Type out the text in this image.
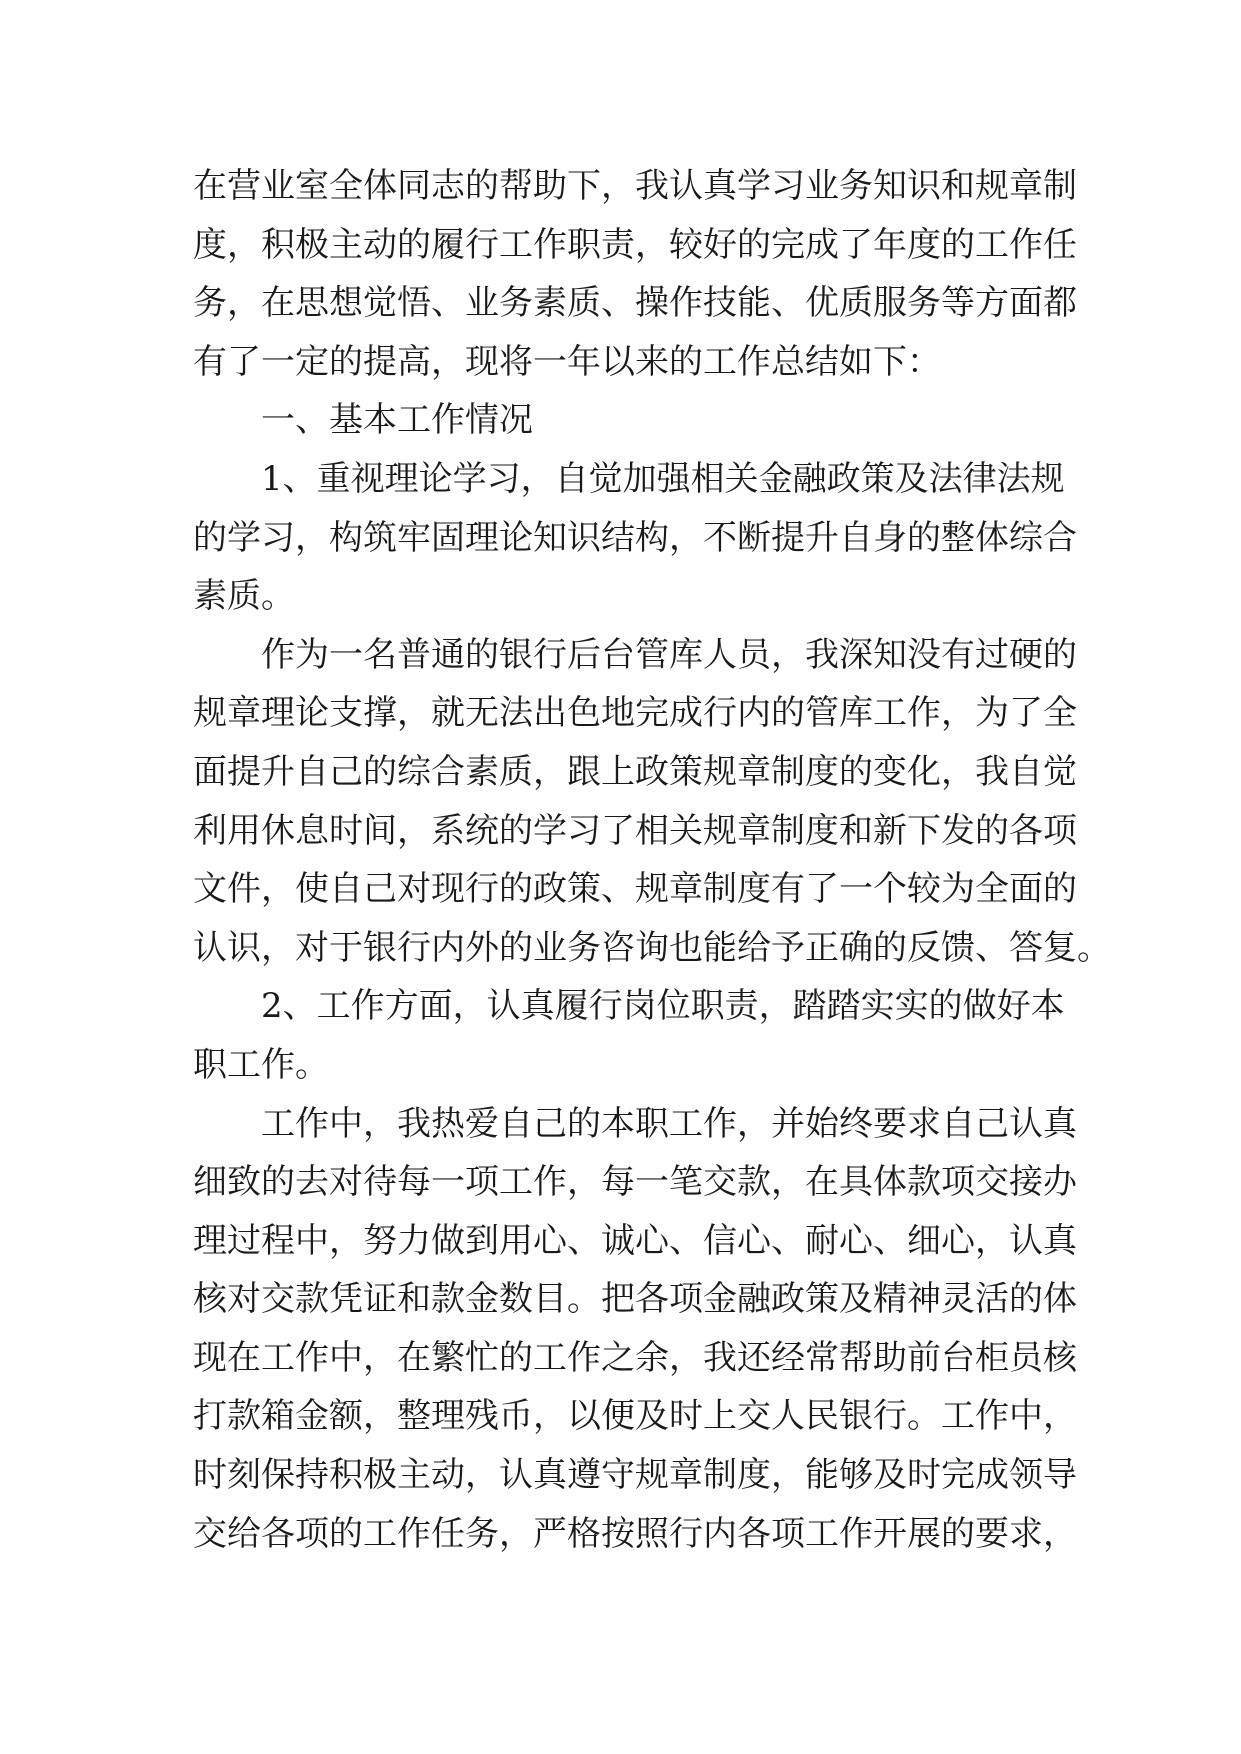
在营业室全体同志的帮助下，我认真学习业务知识和规章制
度，积极主动的履行工作职责，较好的完成了年度的工作任
务，在思想觉悟、业务素质、操作技能、优质服务等方面都
有了一定的提高，现将一年以来的工作总结如下：
一、基本工作情况
1、重视理论学习，自觉加强相关金融政策及法律法规
的学习，构筑牢固理论知识结构，不断提升自身的整体综合
素质。
作为一名普通的银行后台管库人员，我深知没有过硬的
规章理论支撑，就无法出色地完成行内的管库工作，为了全
面提升自己的综合素质，跟上政策规章制度的变化，我自觉
利用休息时间，系统的学习了相关规章制度和新下发的各项
文件，使自己对现行的政策、规章制度有了一个较为全面的
认识，对于银行内外的业务咨询也能给予正确的反馈、答复。
2、工作方面，认真履行岗位职责，踏踏实实的做好本
职工作。
工作中，我热爱自己的本职工作，并始终要求自己认真
细致的去对待每一项工作，每一笔交款，在具体款项交接办
理过程中，努力做到用心、诚心、信心、耐心、细心，认真
核对交款凭证和款金数目。把各项金融政策及精神灵活的体
现在工作中，在繁忙的工作之余，我还经常帮助前台柜员核
打款箱金额，整理残币，以便及时上交人民银行。工作中，
时刻保持积极主动，认真遵守规章制度，能够及时完成领导
交给各项的工作任务，严格按照行内各项工作开展的要求，
